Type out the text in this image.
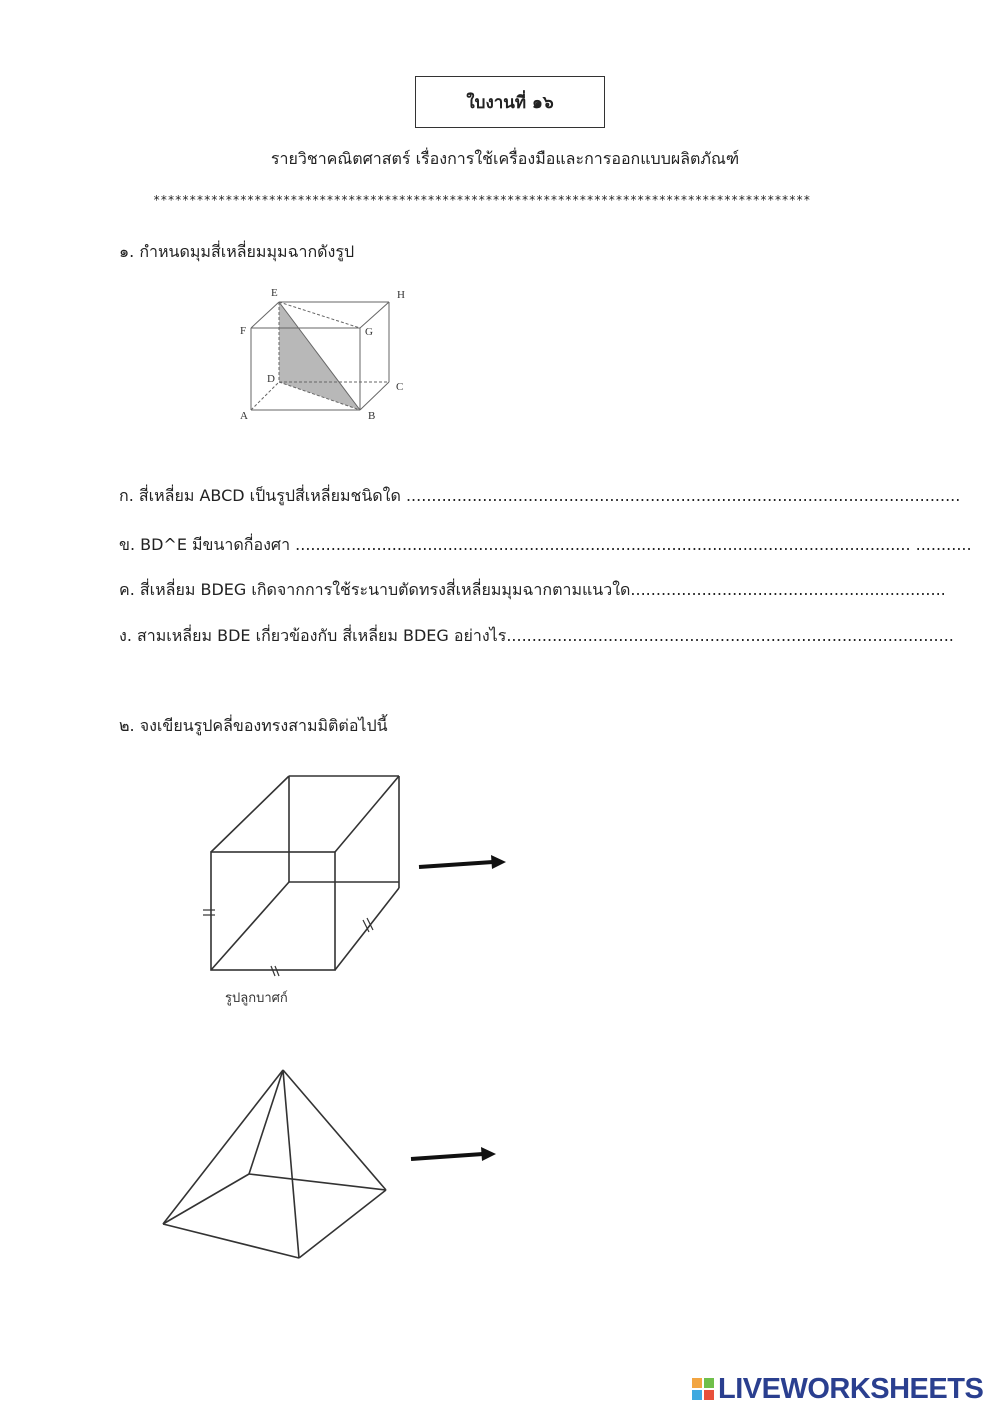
ใบงานที่ ๑๖
รายวิชาคณิตศาสตร์ เรื่องการใช้เครื่องมือและการออกแบบผลิตภัณฑ์
*******************************************************************************************
๑. กำหนดมุมสี่เหลี่ยมมุมฉากดังรูป
E	H
F	G
D
C
A	B
ก. สี่เหลี่ยม ABCD เป็นรูปสี่เหลี่ยมชนิดใด .............................................................................................................
ข. BD^E มีขนาดกี่องศา ......................................................................................................................... ...........
ค. สี่เหลี่ยม BDEG เกิดจากการใช้ระนาบตัดทรงสี่เหลี่ยมมุมฉากตามแนวใด..............................................................
ง. สามเหลี่ยม BDE เกี่ยวข้องกับ สี่เหลี่ยม BDEG อย่างไร........................................................................................
๒. จงเขียนรูปคลี่ของทรงสามมิติต่อไปนี้
รูปลูกบาศก์
LIVEWORKSHEETS
